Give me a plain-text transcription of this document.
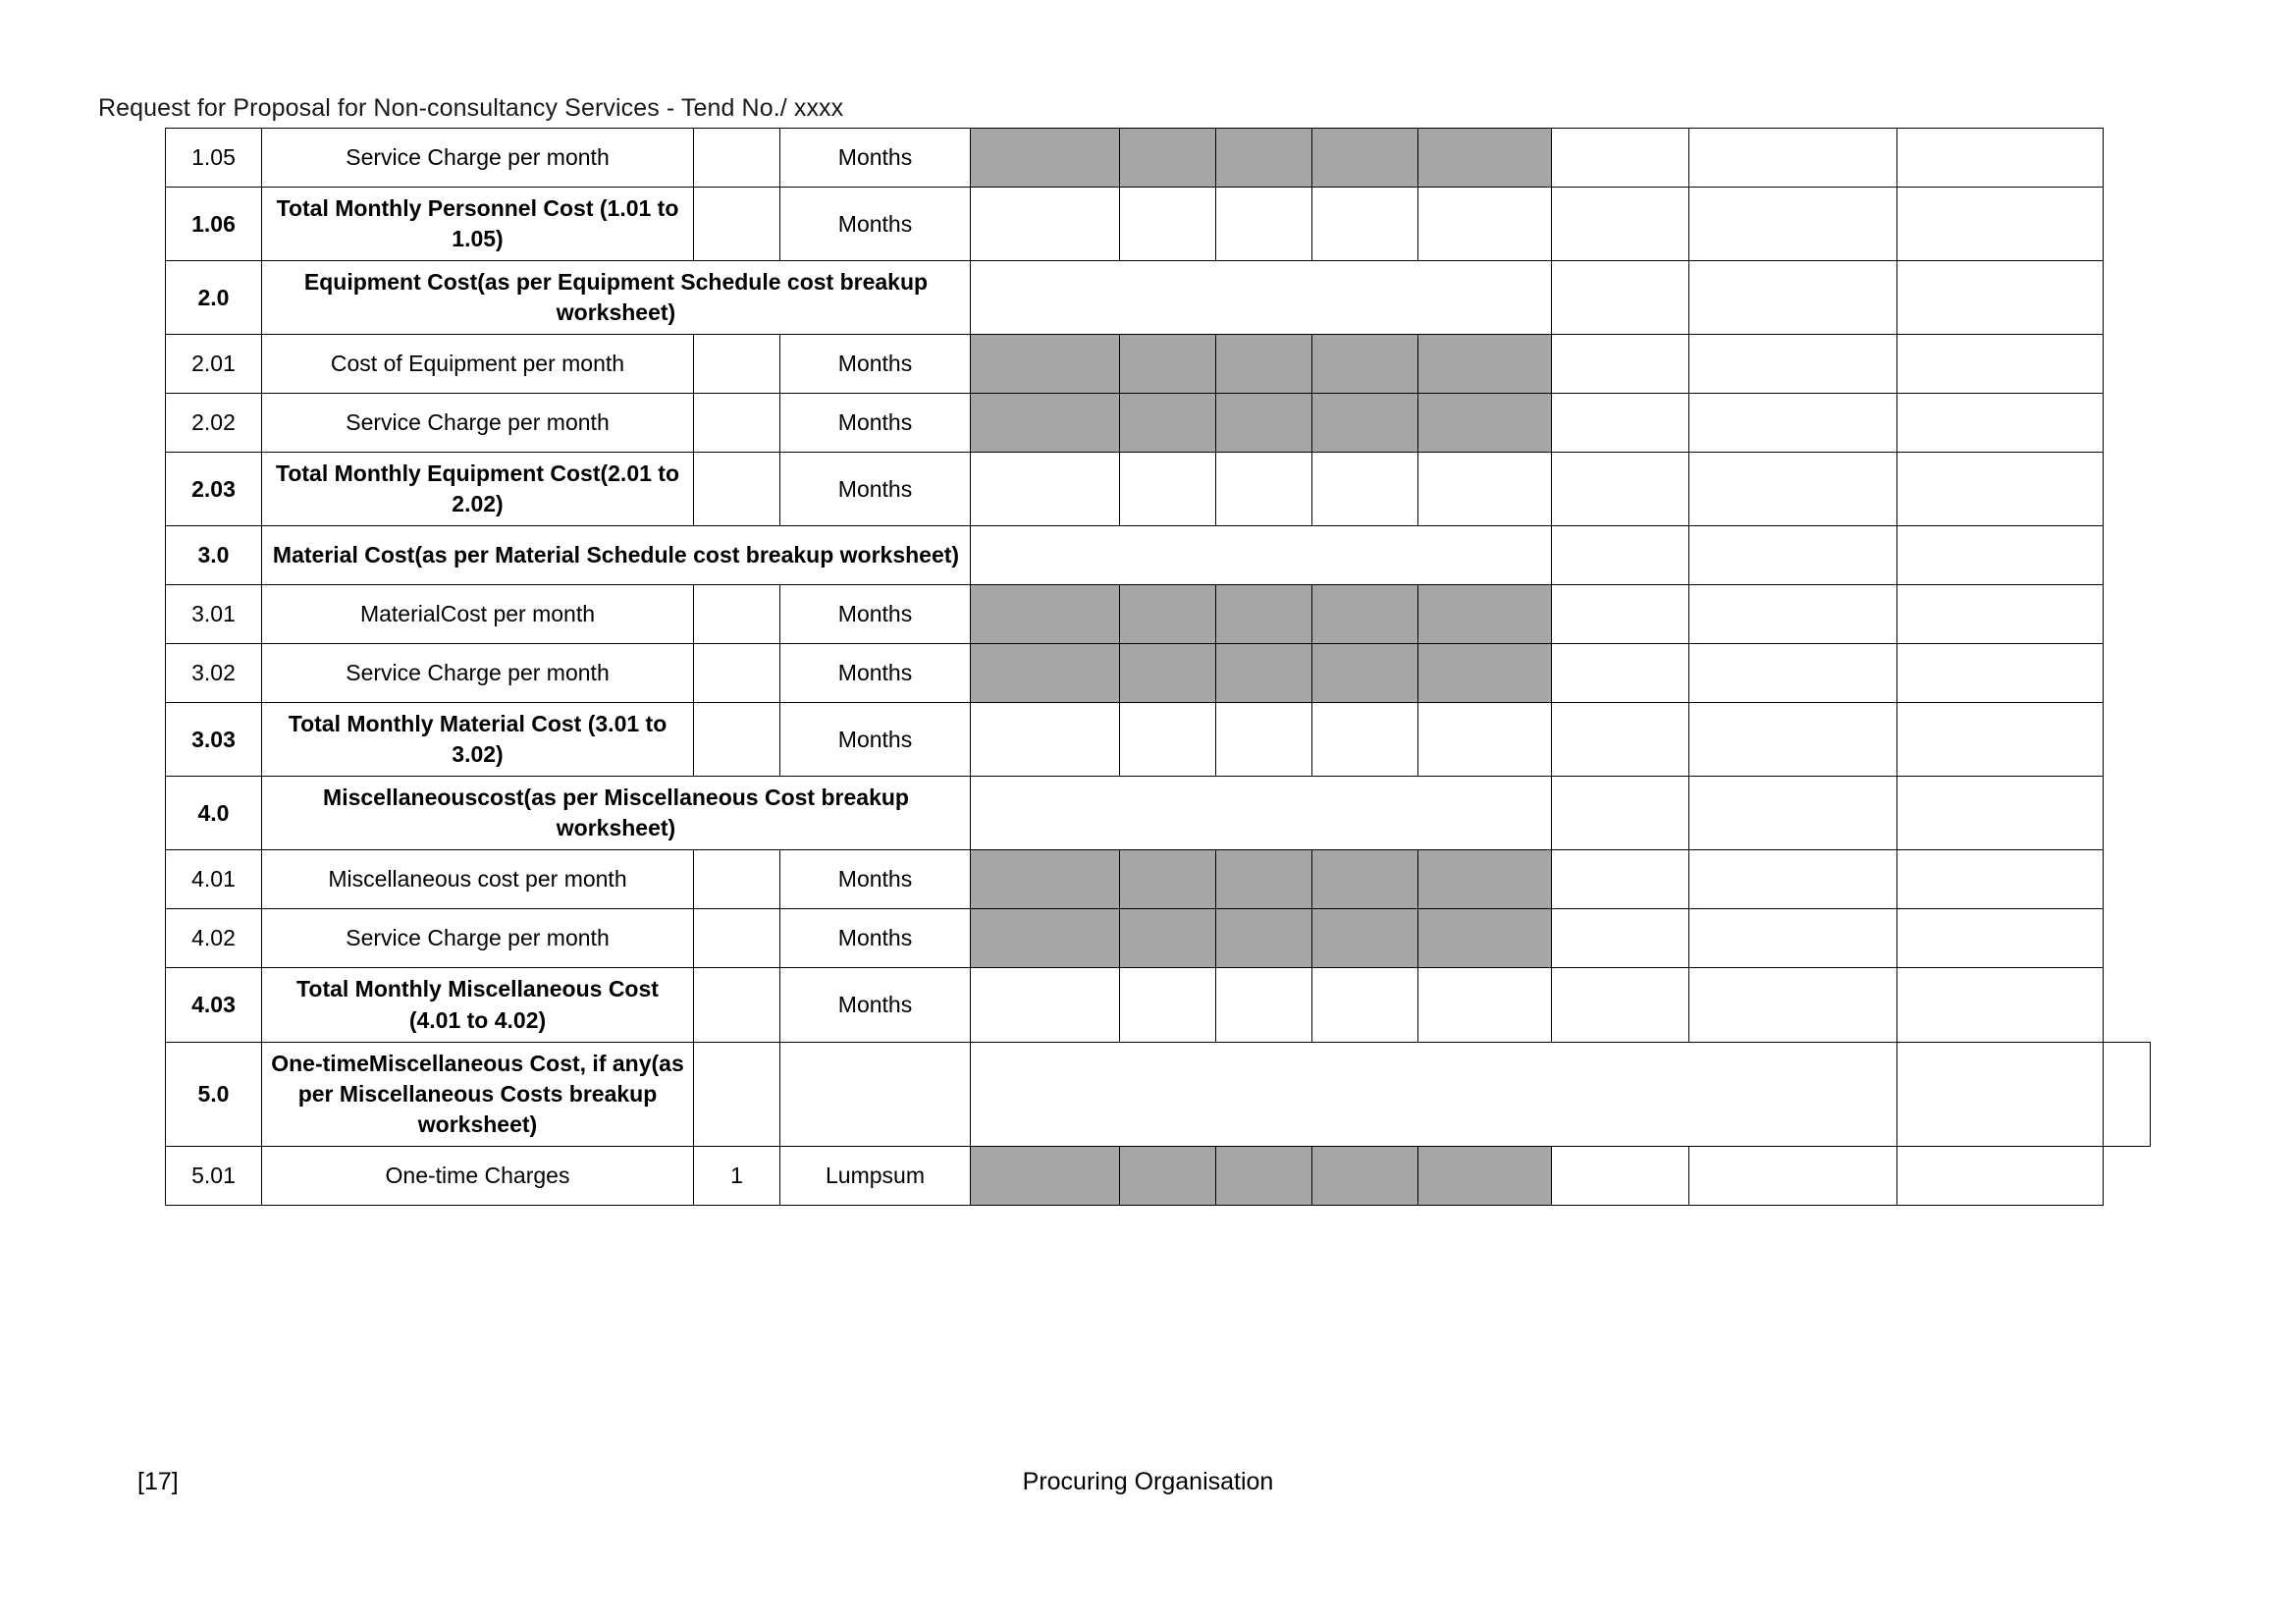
Request for Proposal for Non-consultancy Services - Tend No./ xxxx
1.05	Service Charge per month		Months									
1.06	Total Monthly Personnel Cost (1.01 to 1.05)		Months									
2.0	Equipment Cost(as per Equipment Schedule cost breakup worksheet)											
2.01	Cost of Equipment per month		Months									
2.02	Service Charge per month		Months									
2.03	Total Monthly Equipment Cost(2.01 to 2.02)		Months									
3.0	Material Cost(as per Material Schedule cost breakup worksheet)											
3.01	MaterialCost per month		Months									
3.02	Service Charge per month		Months									
3.03	Total Monthly Material Cost (3.01 to 3.02)		Months									
4.0	Miscellaneouscost(as per Miscellaneous Cost breakup worksheet)											
4.01	Miscellaneous cost per month		Months									
4.02	Service Charge per month		Months									
4.03	Total Monthly Miscellaneous Cost (4.01 to 4.02)		Months									
5.0	One-timeMiscellaneous Cost, if any(as per Miscellaneous Costs breakup worksheet)											
5.01	One-time Charges	1	Lumpsum									
[17]	Procuring Organisation
